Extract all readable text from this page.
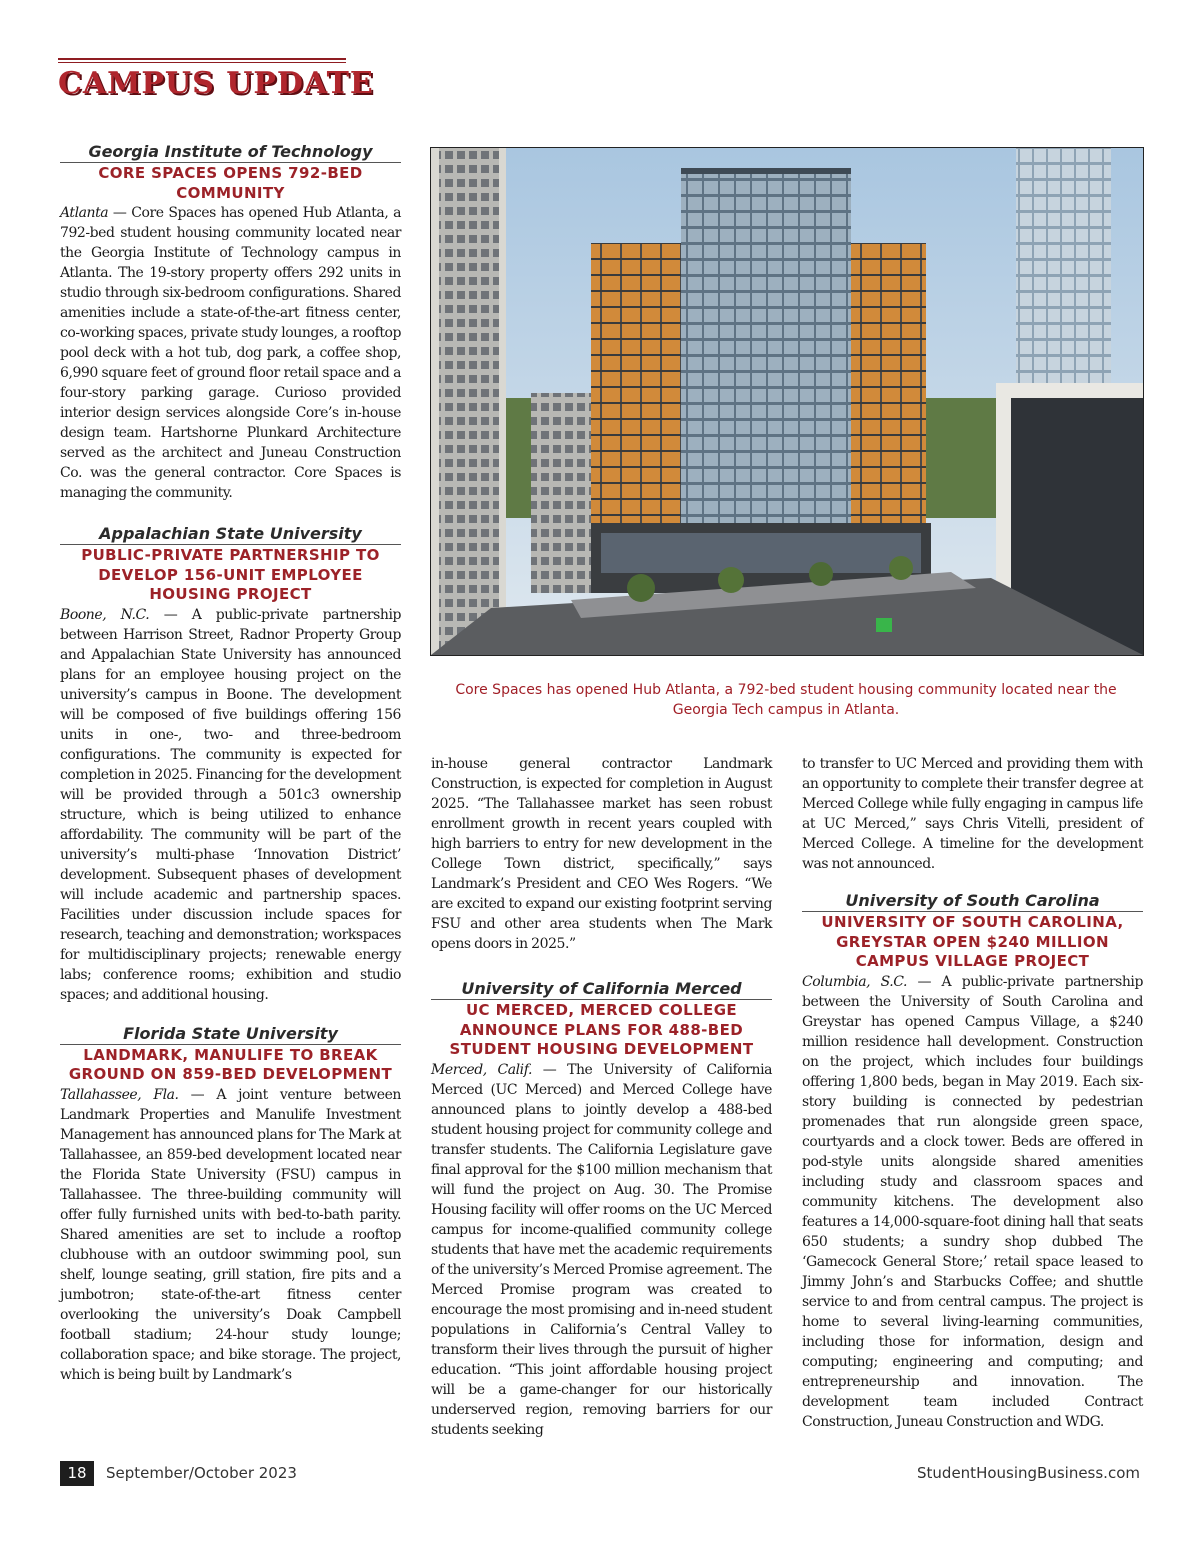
CAMPUS UPDATE
Georgia Institute of Technology
CORE SPACES OPENS 792-BED COMMUNITY

Atlanta — Core Spaces has opened Hub Atlanta, a 792-bed student housing community located near the Georgia Institute of Technology campus in Atlanta. The 19-story property offers 292 units in studio through six-bedroom configurations. Shared amenities include a state-of-the-art fitness center, co-working spaces, private study lounges, a rooftop pool deck with a hot tub, dog park, a coffee shop, 6,990 square feet of ground floor retail space and a four-story parking garage. Curioso provided interior design services alongside Core’s in-house design team. Hartshorne Plunkard Architecture served as the architect and Juneau Construction Co. was the general contractor. Core Spaces is managing the community.

Appalachian State University
PUBLIC-PRIVATE PARTNERSHIP TO DEVELOP 156-UNIT EMPLOYEE HOUSING PROJECT

Boone, N.C. — A public-private partnership between Harrison Street, Radnor Property Group and Appalachian State University has announced plans for an employee housing project on the university’s campus in Boone. The development will be composed of five buildings offering 156 units in one-, two- and three-bedroom configurations. The community is expected for completion in 2025. Financing for the development will be provided through a 501c3 ownership structure, which is being utilized to enhance affordability. The community will be part of the university’s multi-phase ‘Innovation District’ development. Subsequent phases of development will include academic and partnership spaces. Facilities under discussion include spaces for research, teaching and demonstration; workspaces for multidisciplinary projects; renewable energy labs; conference rooms; exhibition and studio spaces; and additional housing.

Florida State University
LANDMARK, MANULIFE TO BREAK GROUND ON 859-BED DEVELOPMENT

Tallahassee, Fla. — A joint venture between Landmark Properties and Manulife Investment Management has announced plans for The Mark at Tallahassee, an 859-bed development located near the Florida State University (FSU) campus in Tallahassee. The three-building community will offer fully furnished units with bed-to-bath parity. Shared amenities are set to include a rooftop clubhouse with an outdoor swimming pool, sun shelf, lounge seating, grill station, fire pits and a jumbotron; state-of-the-art fitness center overlooking the university’s Doak Campbell football stadium; 24-hour study lounge; collaboration space; and bike storage. The project, which is being built by Landmark’s

Core Spaces has opened Hub Atlanta, a 792-bed student housing community located near the Georgia Tech campus in Atlanta.

in-house general contractor Landmark Construction, is expected for completion in August 2025. “The Tallahassee market has seen robust enrollment growth in recent years coupled with high barriers to entry for new development in the College Town district, specifically,” says Landmark’s President and CEO Wes Rogers. “We are excited to expand our existing footprint serving FSU and other area students when The Mark opens doors in 2025.”

University of California Merced
UC MERCED, MERCED COLLEGE ANNOUNCE PLANS FOR 488-BED STUDENT HOUSING DEVELOPMENT

Merced, Calif. — The University of California Merced (UC Merced) and Merced College have announced plans to jointly develop a 488-bed student housing project for community college and transfer students. The California Legislature gave final approval for the $100 million mechanism that will fund the project on Aug. 30. The Promise Housing facility will offer rooms on the UC Merced campus for income-qualified community college students that have met the academic requirements of the university’s Merced Promise agreement. The Merced Promise program was created to encourage the most promising and in-need student populations in California’s Central Valley to transform their lives through the pursuit of higher education. “This joint affordable housing project will be a game-changer for our historically underserved region, removing barriers for our students seeking

to transfer to UC Merced and providing them with an opportunity to complete their transfer degree at Merced College while fully engaging in campus life at UC Merced,” says Chris Vitelli, president of Merced College. A timeline for the development was not announced.

University of South Carolina
UNIVERSITY OF SOUTH CAROLINA, GREYSTAR OPEN $240 MILLION CAMPUS VILLAGE PROJECT

Columbia, S.C. — A public-private partnership between the University of South Carolina and Greystar has opened Campus Village, a $240 million residence hall development. Construction on the project, which includes four buildings offering 1,800 beds, began in May 2019. Each six-story building is connected by pedestrian promenades that run alongside green space, courtyards and a clock tower. Beds are offered in pod-style units alongside shared amenities including study and classroom spaces and community kitchens. The development also features a 14,000-square-foot dining hall that seats 650 students; a sundry shop dubbed The ‘Gamecock General Store;’ retail space leased to Jimmy John’s and Starbucks Coffee; and shuttle service to and from central campus. The project is home to several living-learning communities, including those for information, design and computing; engineering and computing; and entrepreneurship and innovation. The development team included Contract Construction, Juneau Construction and WDG.

18	September/October 2023	StudentHousingBusiness.com
